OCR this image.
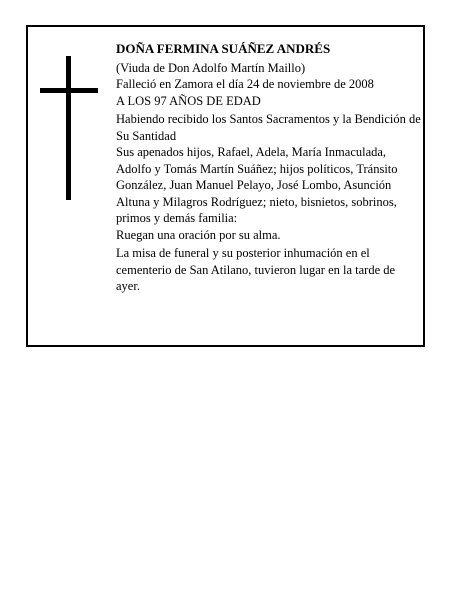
DOÑA FERMINA SUÁÑEZ ANDRÉS

(Viuda de Don Adolfo Martín Maillo)

Falleció en Zamora el día 24 de noviembre de 2008

A LOS 97 AÑOS DE EDAD

Habiendo recibido los Santos Sacramentos y la Bendición de Su Santidad

Sus apenados hijos, Rafael, Adela, María Inmaculada, Adolfo y Tomás Martín Suáñez; hijos políticos, Tránsito González, Juan Manuel Pelayo, José Lombo, Asunción Altuna y Milagros Rodríguez; nieto, bisnietos, sobrinos, primos y demás familia:

Ruegan una oración por su alma.

La misa de funeral y su posterior inhumación en el cementerio de San Atilano, tuvieron lugar en la tarde de ayer.
